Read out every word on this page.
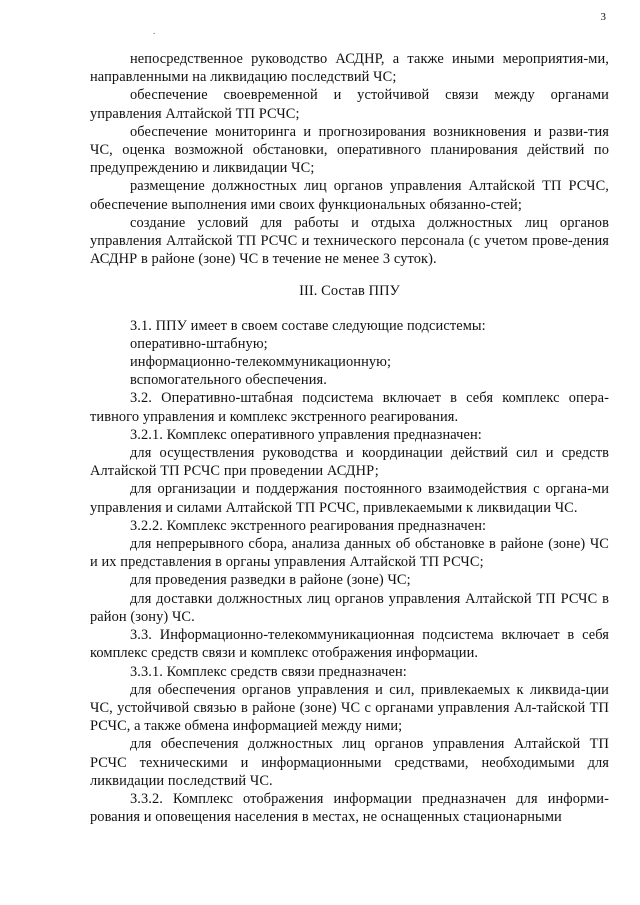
3
.

непосредственное руководство АСДНР, а также иными мероприятия-ми, направленными на ликвидацию последствий ЧС;

обеспечение своевременной и устойчивой связи между органами управления Алтайской ТП РСЧС;

обеспечение мониторинга и прогнозирования возникновения и разви-тия ЧС, оценка возможной обстановки, оперативного планирования действий по предупреждению и ликвидации ЧС;

размещение должностных лиц органов управления Алтайской ТП РСЧС, обеспечение выполнения ими своих функциональных обязанно-стей;

создание условий для работы и отдыха должностных лиц органов управления Алтайской ТП РСЧС и технического персонала (с учетом прове-дения АСДНР в районе (зоне) ЧС в течение не менее 3 суток).

III. Состав ППУ

3.1. ППУ имеет в своем составе следующие подсистемы:

оперативно-штабную;

информационно-телекоммуникационную;

вспомогательного обеспечения.

3.2. Оперативно-штабная подсистема включает в себя комплекс опера-тивного управления и комплекс экстренного реагирования.

3.2.1. Комплекс оперативного управления предназначен:

для осуществления руководства и координации действий сил и средств Алтайской ТП РСЧС при проведении АСДНР;

для организации и поддержания постоянного взаимодействия с органа-ми управления и силами Алтайской ТП РСЧС, привлекаемыми к ликвидации ЧС.

3.2.2. Комплекс экстренного реагирования предназначен:

для непрерывного сбора, анализа данных об обстановке в районе (зоне) ЧС и их представления в органы управления Алтайской ТП РСЧС;

для проведения разведки в районе (зоне) ЧС;

для доставки должностных лиц органов управления Алтайской ТП РСЧС в район (зону) ЧС.

3.3. Информационно-телекоммуникационная подсистема включает в себя комплекс средств связи и комплекс отображения информации.

3.3.1. Комплекс средств связи предназначен:

для обеспечения органов управления и сил, привлекаемых к ликвида-ции ЧС, устойчивой связью в районе (зоне) ЧС с органами управления Ал-тайской ТП РСЧС, а также обмена информацией между ними;

для обеспечения должностных лиц органов управления Алтайской ТП РСЧС техническими и информационными средствами, необходимыми для ликвидации последствий ЧС.

3.3.2. Комплекс отображения информации предназначен для информи-рования и оповещения населения в местах, не оснащенных стационарными
